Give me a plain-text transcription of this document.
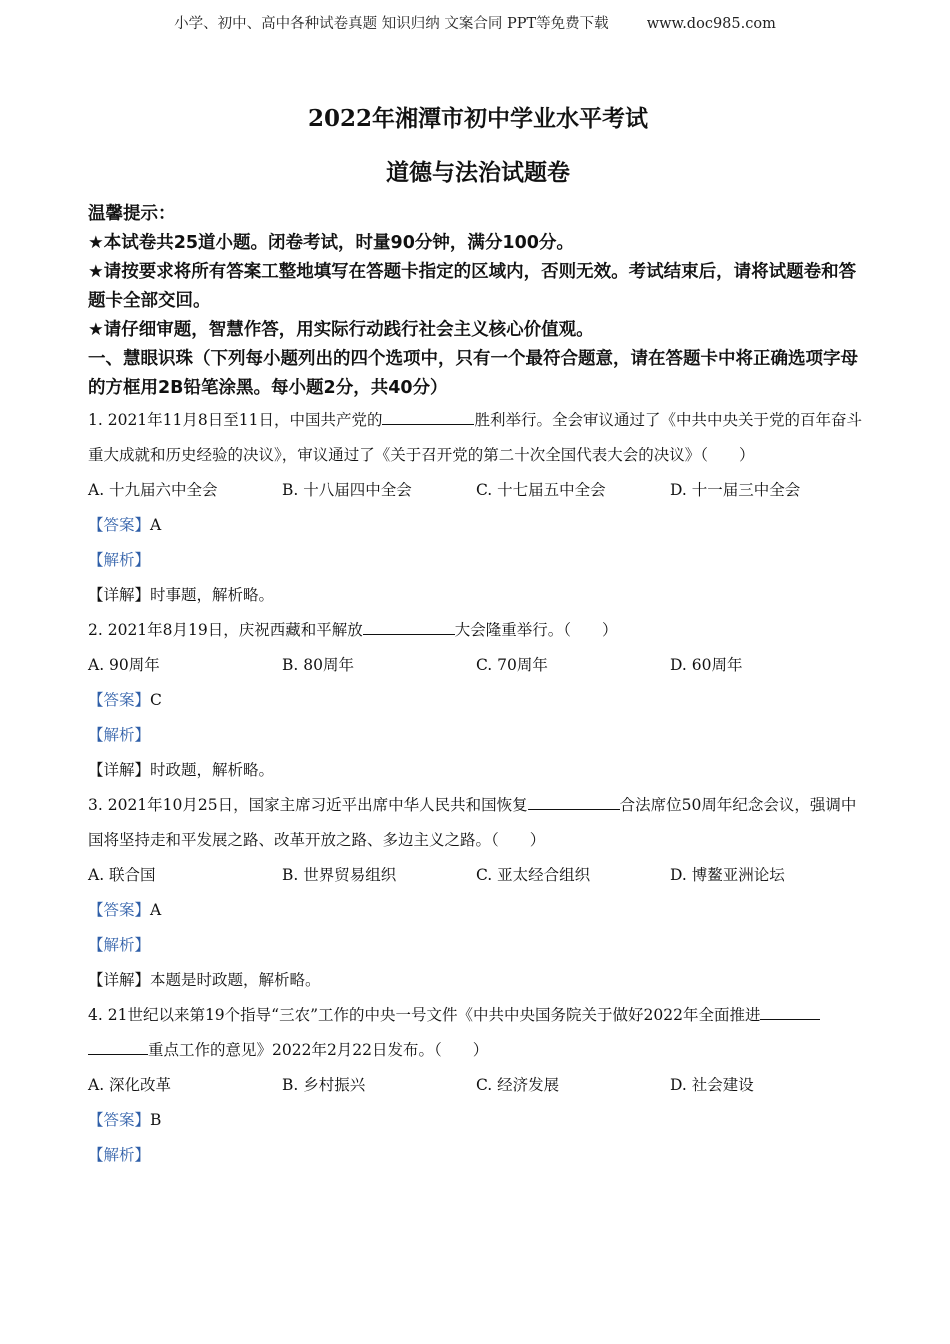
小学、初中、高中各种试卷真题 知识归纳 文案合同 PPT等免费下载	www.doc985.com
2022年湘潭市初中学业水平考试
道德与法治试题卷

温馨提示：

★本试卷共25道小题。闭卷考试，时量90分钟，满分100分。

★请按要求将所有答案工整地填写在答题卡指定的区域内，否则无效。考试结束后，请将试题卷和答题卡全部交回。

★请仔细审题，智慧作答，用实际行动践行社会主义核心价值观。

一、慧眼识珠（下列每小题列出的四个选项中，只有一个最符合题意，请在答题卡中将正确选项字母的方框用2B铅笔涂黑。每小题2分，共40分）

1. 2021年11月8日至11日，中国共产党的	胜利举行。全会审议通过了《中共中央关于党的百年奋斗重大成就和历史经验的决议》，审议通过了《关于召开党的第二十次全国代表大会的决议》（　　）

A. 十九届六中全会	B. 十八届四中全会	C. 十七届五中全会	D. 十一届三中全会

【答案】A

【解析】

【详解】时事题，解析略。

2. 2021年8月19日，庆祝西藏和平解放	大会隆重举行。（　　）

A. 90周年	B. 80周年	C. 70周年	D. 60周年

【答案】C

【解析】

【详解】时政题，解析略。

3. 2021年10月25日，国家主席习近平出席中华人民共和国恢复	合法席位50周年纪念会议，强调中国将坚持走和平发展之路、改革开放之路、多边主义之路。（　　）

A. 联合国	B. 世界贸易组织	C. 亚太经合组织	D. 博鳌亚洲论坛

【答案】A

【解析】

【详解】本题是时政题，解析略。

4. 21世纪以来第19个指导“三农”工作的中央一号文件《中共中央国务院关于做好2022年全面推进重点工作的意见》2022年2月22日发布。（　　）

A. 深化改革	B. 乡村振兴	C. 经济发展	D. 社会建设

【答案】B

【解析】
